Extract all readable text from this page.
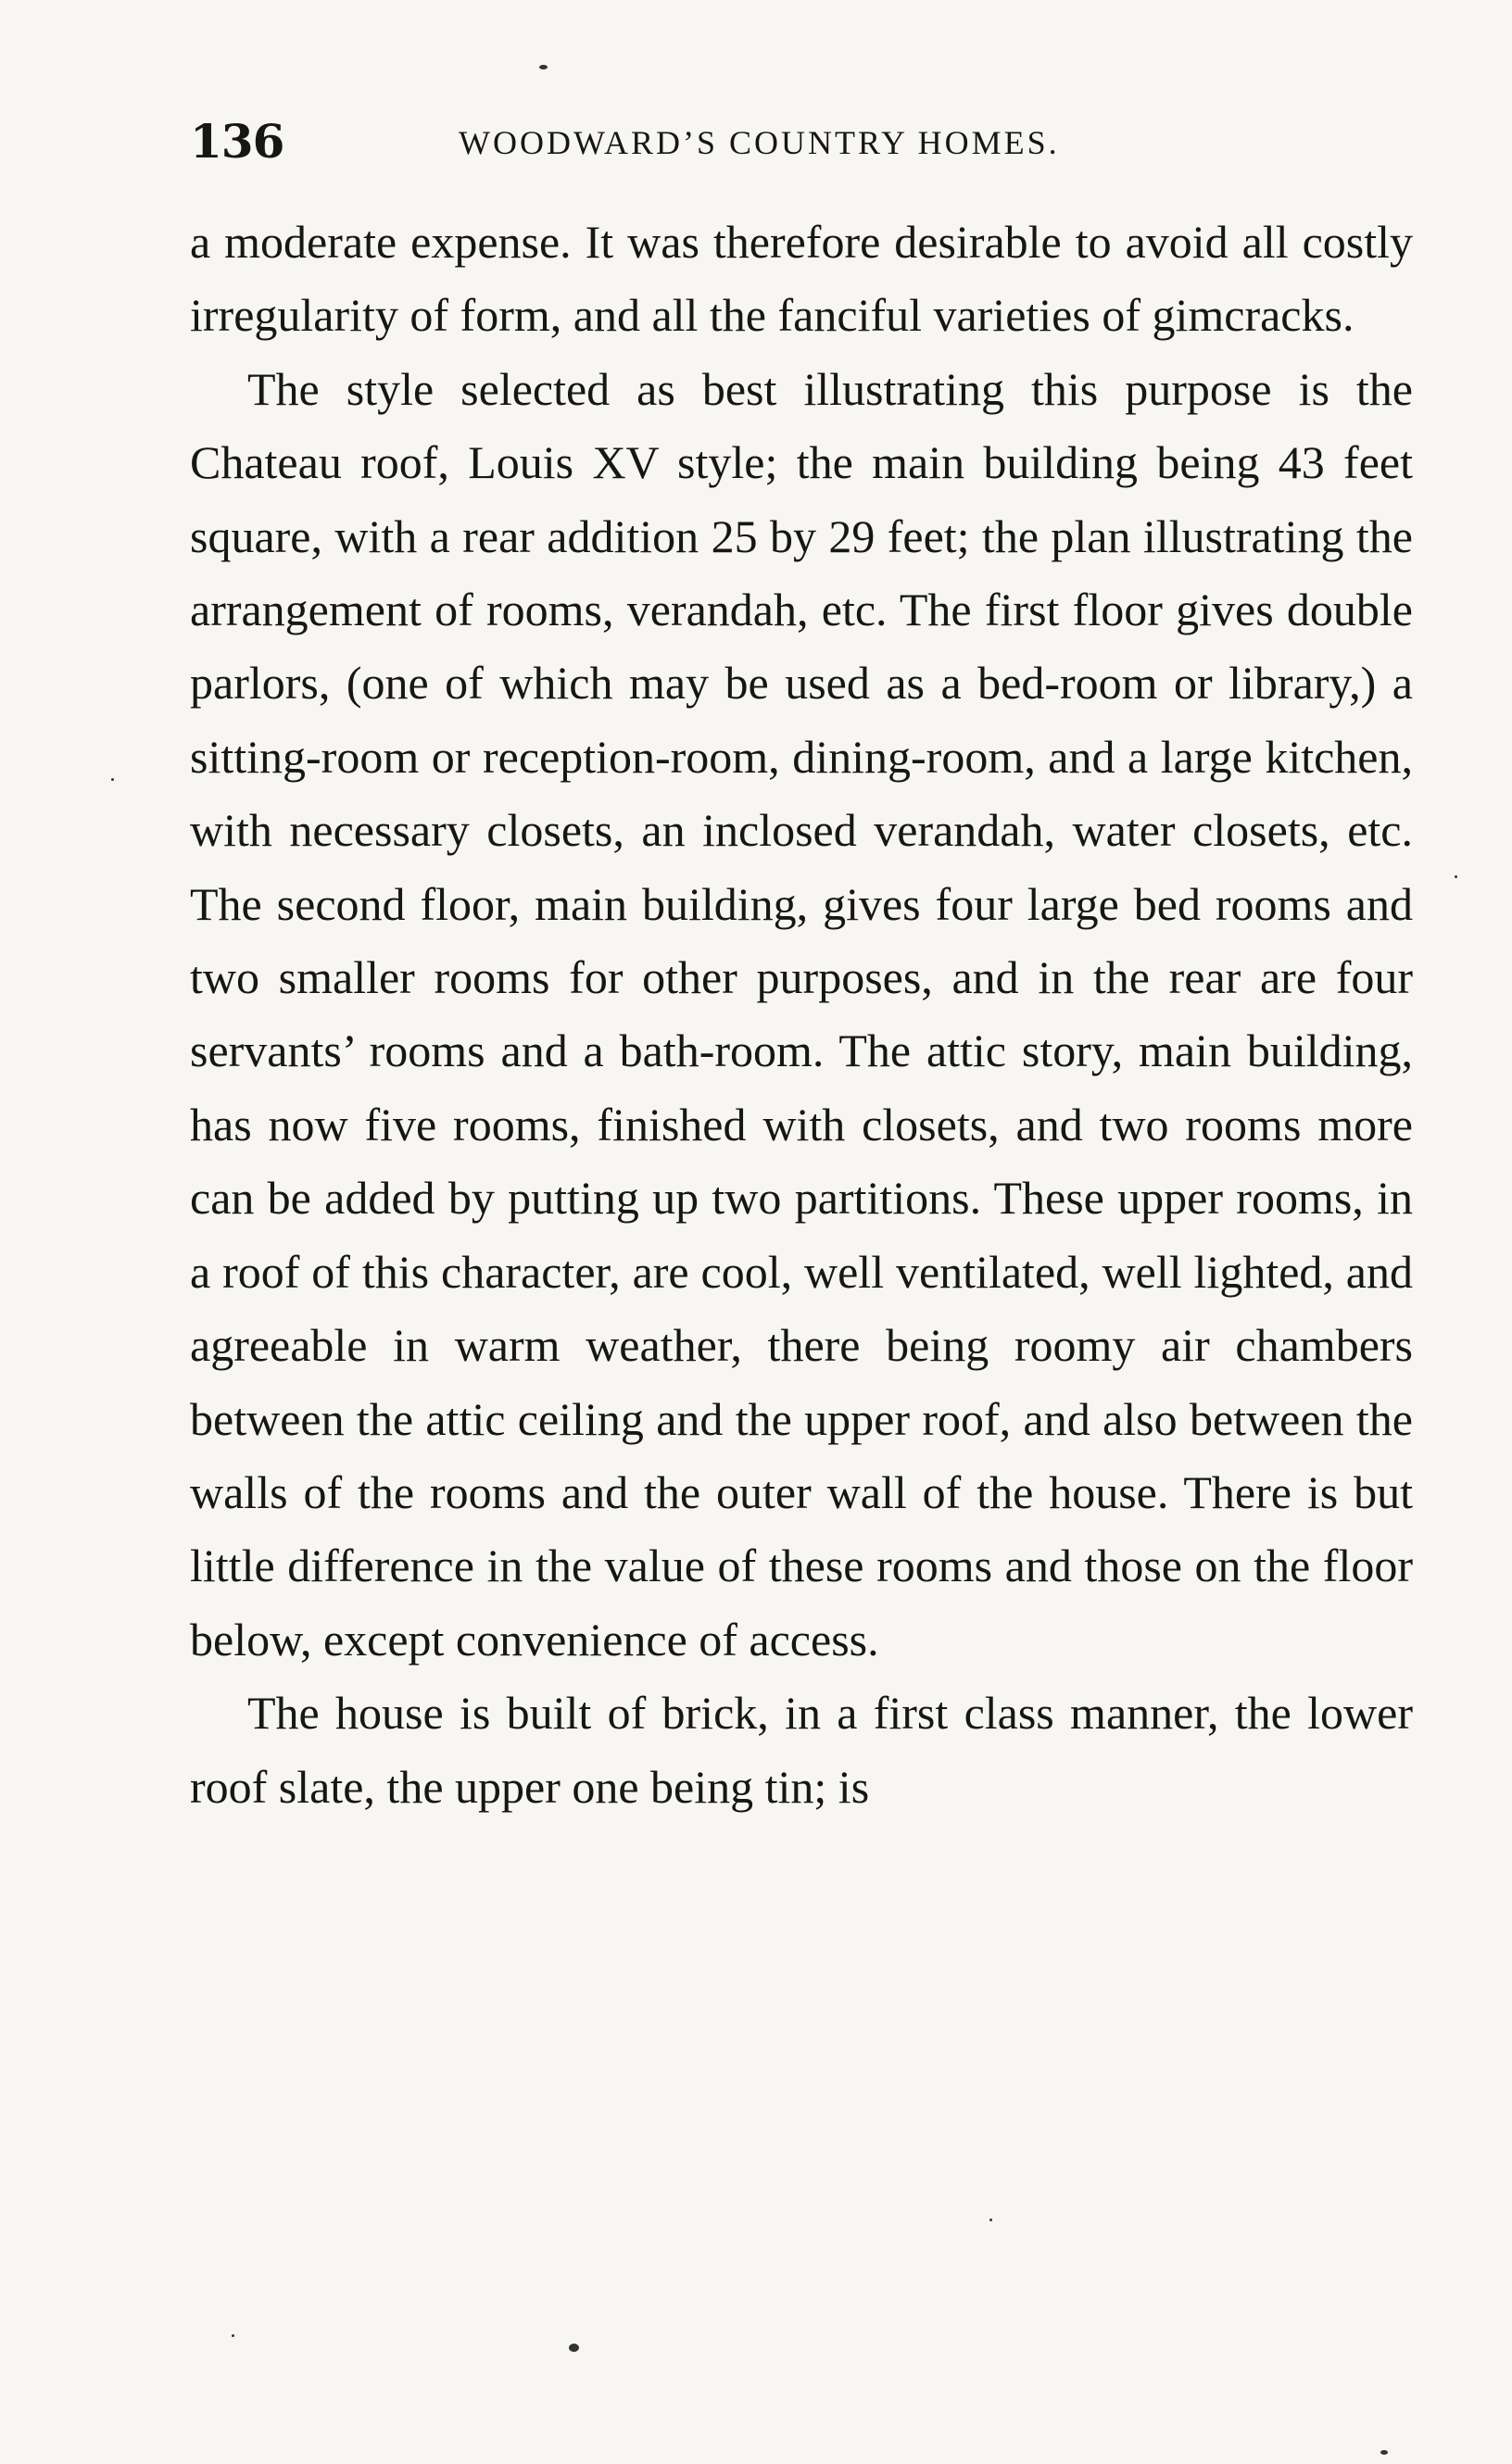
136	WOODWARD’S COUNTRY HOMES.

a moderate expense. It was therefore desirable to avoid all costly irregularity of form, and all the fanciful varieties of gimcracks.

The style selected as best illustrating this purpose is the Chateau roof, Louis XV style; the main building being 43 feet square, with a rear addition 25 by 29 feet; the plan illustrating the arrangement of rooms, verandah, etc. The first floor gives double parlors, (one of which may be used as a bed-room or library,) a sitting-room or reception-room, dining-room, and a large kitchen, with necessary closets, an inclosed verandah, water closets, etc. The second floor, main building, gives four large bed rooms and two smaller rooms for other purposes, and in the rear are four servants’ rooms and a bath-room. The attic story, main building, has now five rooms, finished with closets, and two rooms more can be added by putting up two partitions. These upper rooms, in a roof of this character, are cool, well ventilated, well lighted, and agreeable in warm weather, there being roomy air chambers between the attic ceiling and the upper roof, and also between the walls of the rooms and the outer wall of the house. There is but little difference in the value of these rooms and those on the floor below, except convenience of access.

The house is built of brick, in a first class manner, the lower roof slate, the upper one being tin; is
